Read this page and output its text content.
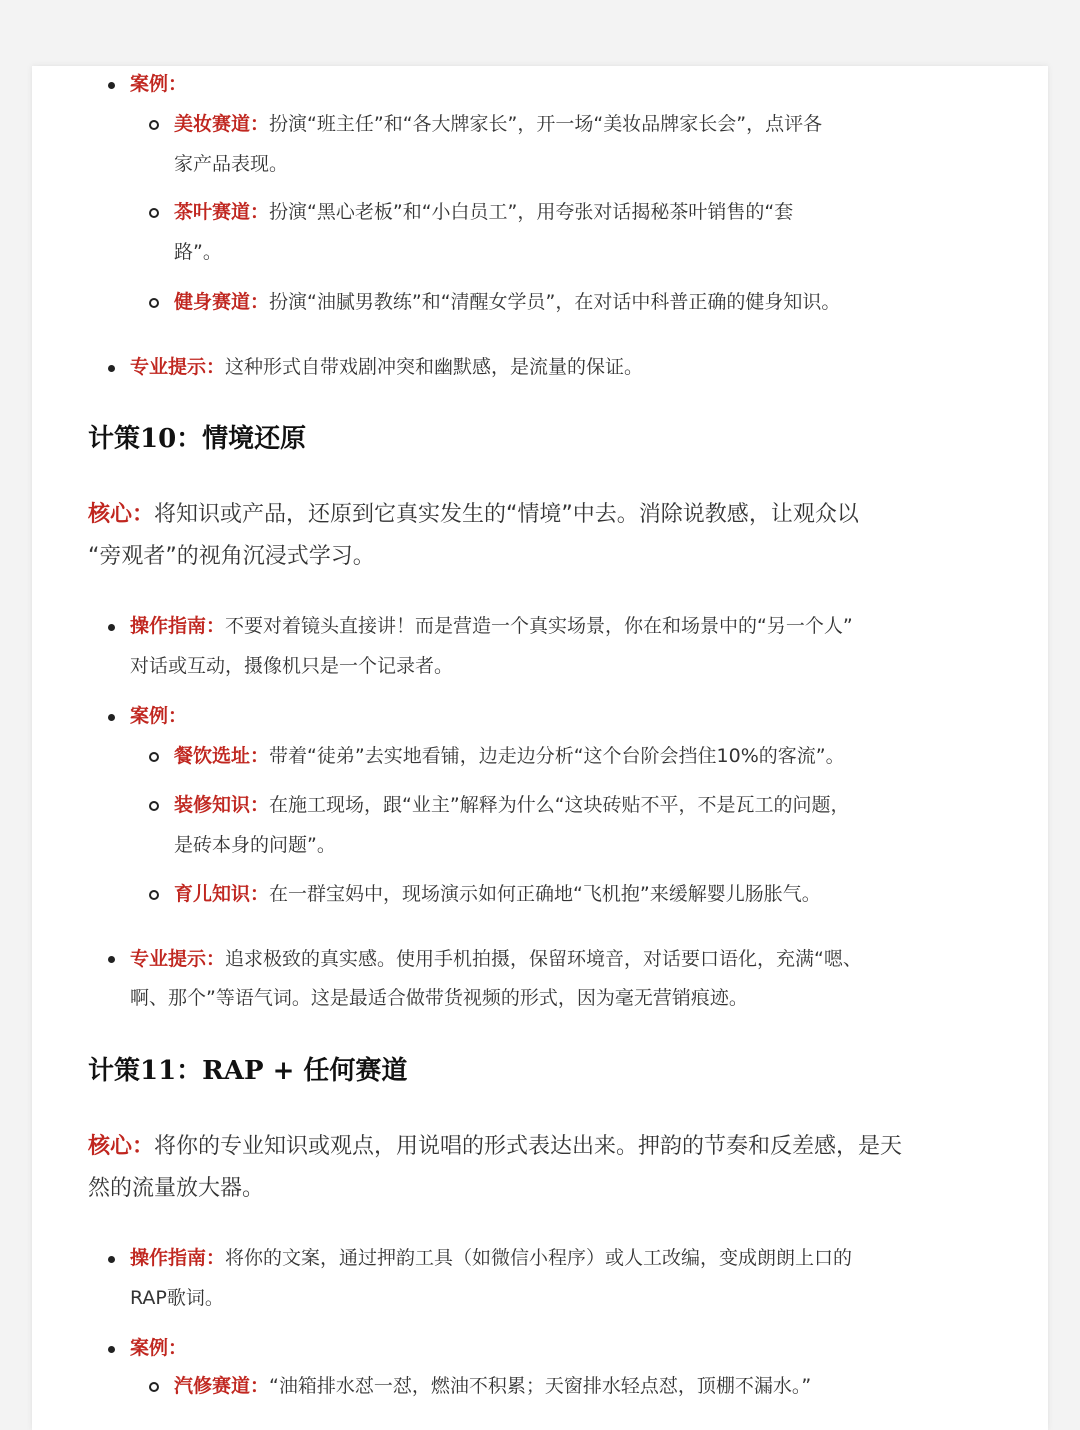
案例：
美妆赛道：扮演“班主任”和“各大牌家长”，开一场“美妆品牌家长会”，点评各
家产品表现。
茶叶赛道：扮演“黑心老板”和“小白员工”，用夸张对话揭秘茶叶销售的“套
路”。
健身赛道：扮演“油腻男教练”和“清醒女学员”，在对话中科普正确的健身知识。
专业提示：这种形式自带戏剧冲突和幽默感，是流量的保证。
计策10：情境还原
核心：将知识或产品，还原到它真实发生的“情境”中去。消除说教感，让观众以
“旁观者”的视角沉浸式学习。
操作指南：不要对着镜头直接讲！而是营造一个真实场景，你在和场景中的“另一个人”
对话或互动，摄像机只是一个记录者。
案例：
餐饮选址：带着“徒弟”去实地看铺，边走边分析“这个台阶会挡住10%的客流”。
装修知识：在施工现场，跟“业主”解释为什么“这块砖贴不平，不是瓦工的问题，
是砖本身的问题”。
育儿知识：在一群宝妈中，现场演示如何正确地“飞机抱”来缓解婴儿肠胀气。
专业提示：追求极致的真实感。使用手机拍摄，保留环境音，对话要口语化，充满“嗯、
啊、那个”等语气词。这是最适合做带货视频的形式，因为毫无营销痕迹。
计策11：RAP + 任何赛道
核心：将你的专业知识或观点，用说唱的形式表达出来。押韵的节奏和反差感，是天
然的流量放大器。
操作指南：将你的文案，通过押韵工具（如微信小程序）或人工改编，变成朗朗上口的
RAP歌词。
案例：
汽修赛道：“油箱排水怼一怼，燃油不积累；天窗排水轻点怼，顶棚不漏水。”
